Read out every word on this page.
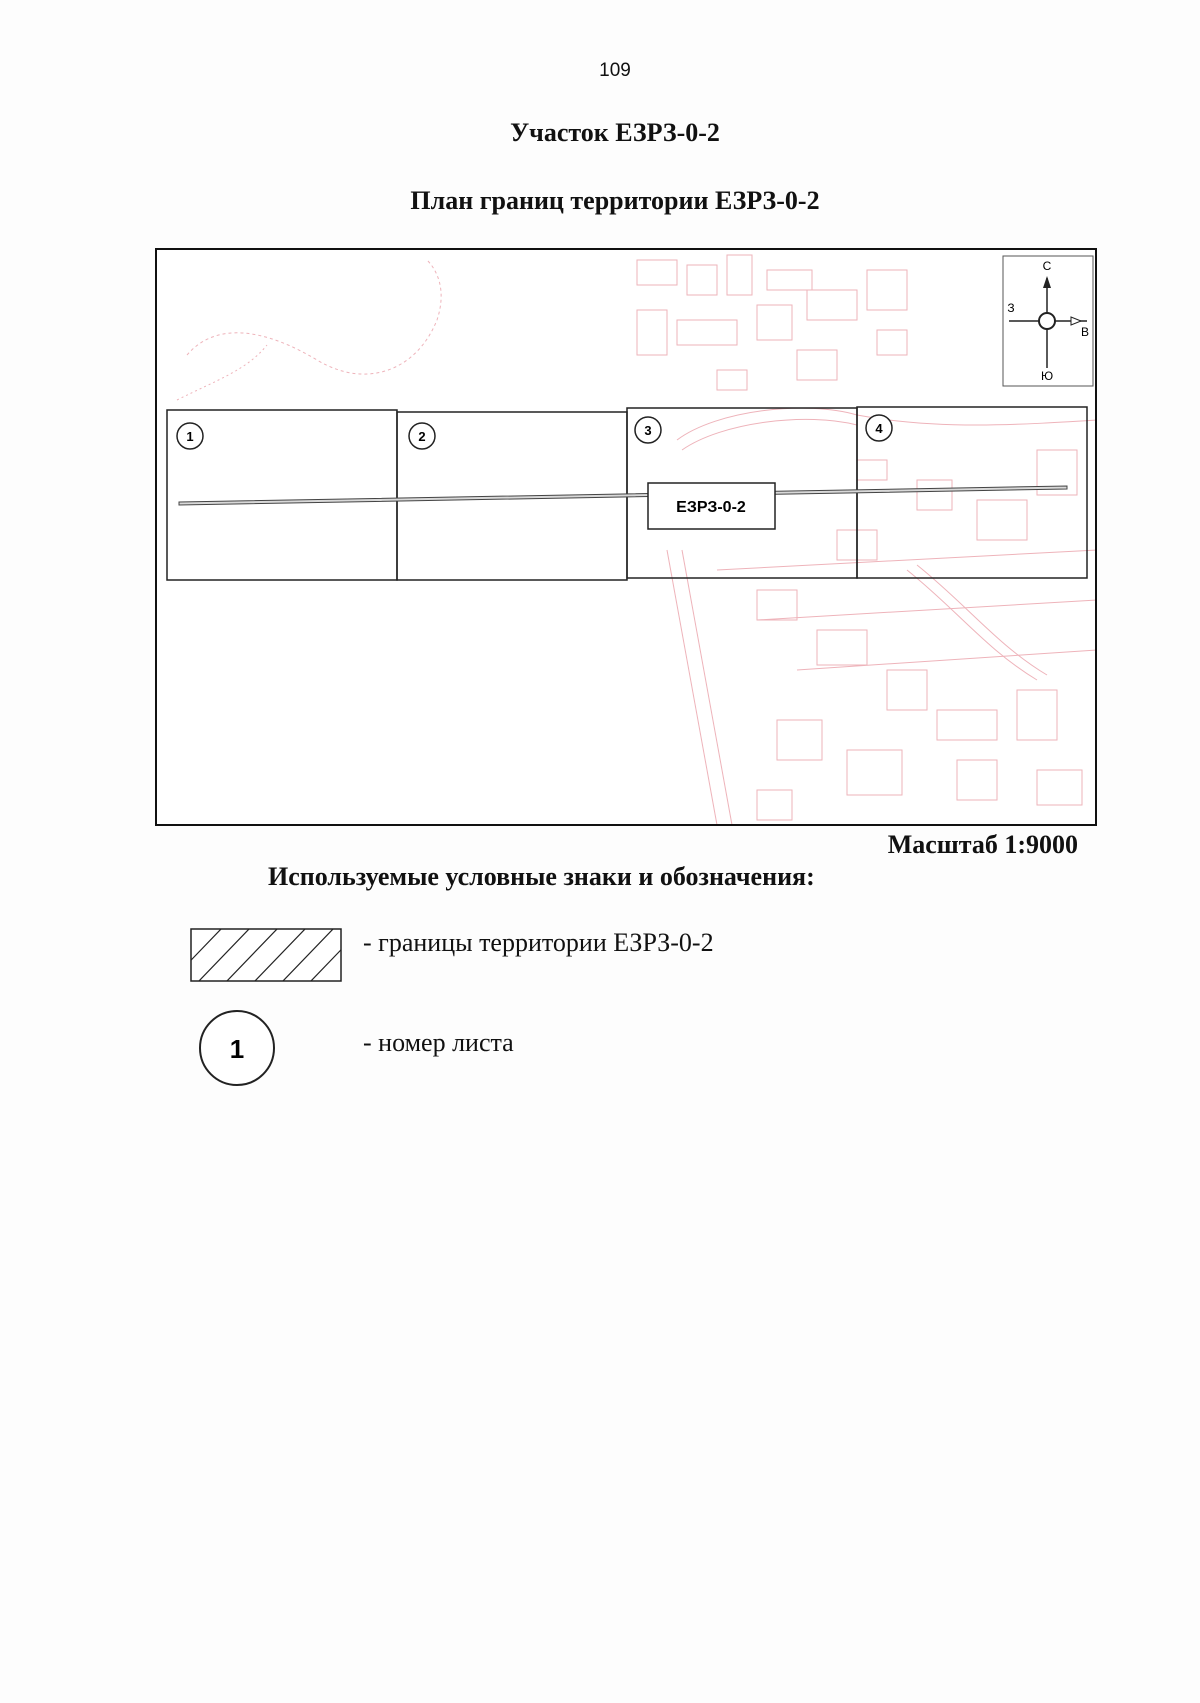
109
Участок ЕЗРЗ-0-2
План границ территории ЕЗРЗ-0-2
1	2	3	4
ЕЗРЗ-0-2
С
Ю
З
В
Масштаб 1:9000
Используемые условные знаки и обозначения:
- границы территории ЕЗРЗ-0-2
1	- номер листа
